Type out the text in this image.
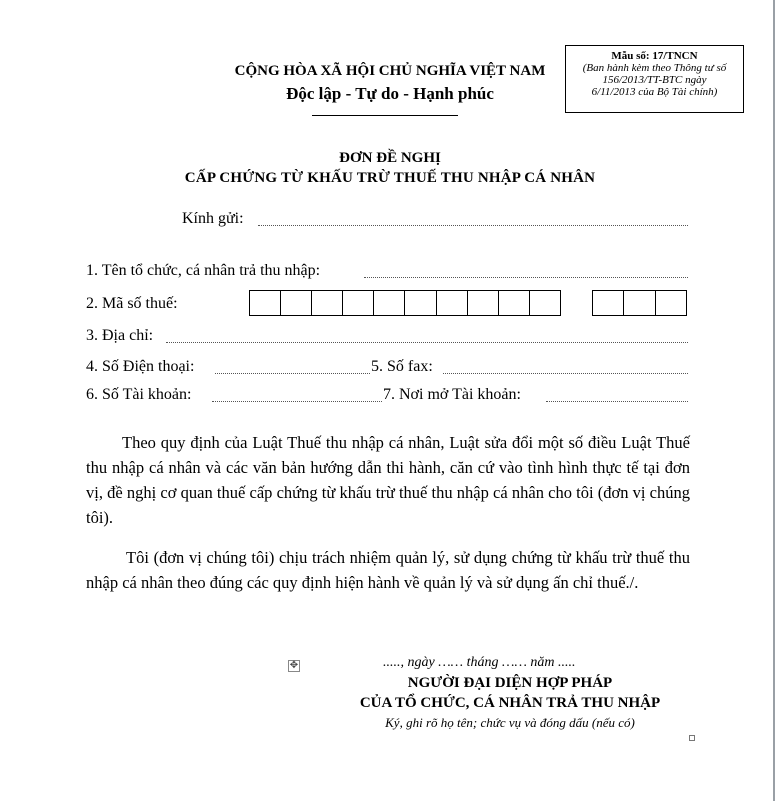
CỘNG HÒA XÃ HỘI CHỦ NGHĨA VIỆT NAM
Độc lập - Tự do - Hạnh phúc
Mẫu số: 17/TNCN
(Ban hành kèm theo Thông tư số
156/2013/TT-BTC ngày
6/11/2013 của Bộ Tài chính)
ĐƠN ĐỀ NGHỊ
CẤP CHỨNG TỪ KHẤU TRỪ THUẾ THU NHẬP CÁ NHÂN
Kính gửi:
1. Tên tổ chức, cá nhân trả thu nhập:
2. Mã số thuế:
3. Địa chỉ:
4. Số Điện thoại:	5. Số fax:
6. Số Tài khoản:	7. Nơi mở Tài khoản:
Theo quy định của Luật Thuế thu nhập cá nhân, Luật sửa đổi một số điều Luật Thuế thu nhập cá nhân và các văn bản hướng dẫn thi hành, căn cứ vào tình hình thực tế tại đơn vị, đề nghị cơ quan thuế cấp chứng từ khấu trừ thuế thu nhập cá nhân cho tôi (đơn vị chúng tôi).
Tôi (đơn vị chúng tôi) chịu trách nhiệm quản lý, sử dụng chứng từ khấu trừ thuế thu nhập cá nhân theo đúng các quy định hiện hành về quản lý và sử dụng ấn chỉ thuế./.
✥	....., ngày …… tháng …… năm .....
NGƯỜI ĐẠI DIỆN HỢP PHÁP
CỦA TỔ CHỨC, CÁ NHÂN TRẢ THU NHẬP
Ký, ghi rõ họ tên; chức vụ và đóng dấu (nếu có)
